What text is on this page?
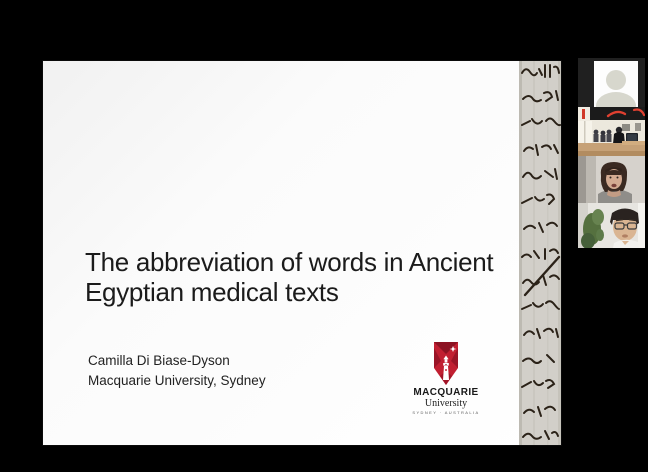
The abbreviation of words in Ancient
Egyptian medical texts
Camilla Di Biase-Dyson
Macquarie University, Sydney
MACQUARIE
University
SYDNEY · AUSTRALIA
